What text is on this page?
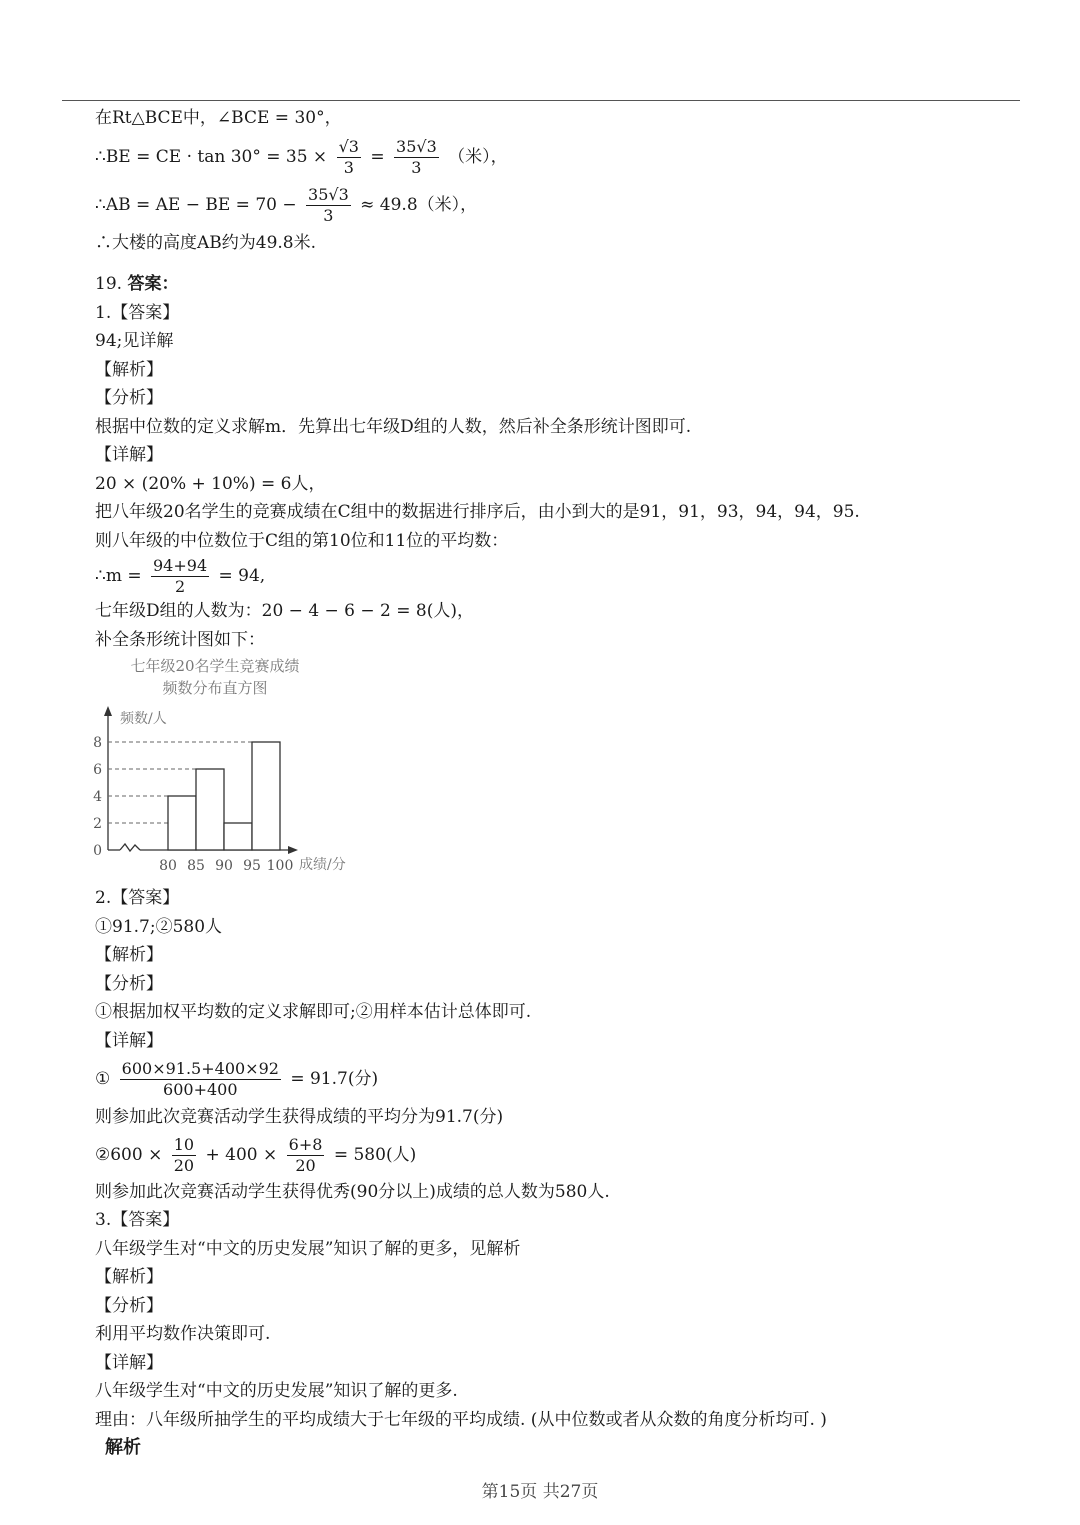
在Rt△BCE中，∠BCE = 30°，
∴BE = CE · $\tan 30^\circ = 35 \times \frac{√3}{3} = \frac{35√3}{3}$ （米），
∴AB = AE − BE = $70 - \frac{35√3}{3} \approx 49.8$（米），
∴大楼的高度AB约为49.8米.
19. 答案：
1.【答案】
94;见详解
【解析】
【分析】
根据中位数的定义求解m．先算出七年级D组的人数，然后补全条形统计图即可.
【详解】
20 × (20% + 10%) = 6人，
把八年级20名学生的竞赛成绩在C组中的数据进行排序后，由小到大的是91，91，93，94，94，95.
则八年级的中位数位于C组的第10位和11位的平均数：
∴m = $\frac{94+94}{2} = 94$,
七年级D组的人数为：20 − 4 − 6 − 2 = 8(人)，
补全条形统计图如下：
七年级20名学生竞赛成绩
频数分布直方图
频数/人
成绩/分
0
2
4
6
8
80 85 90 95 100
2.【答案】
①91.7;②580人
【解析】
【分析】
①根据加权平均数的定义求解即可;②用样本估计总体即可.
【详解】
① $\frac{600\times 91.5+400\times 92}{600+400} = 91.7$(分)
则参加此次竞赛活动学生获得成绩的平均分为91.7(分)
②600 × $\frac{10}{20} + 400 \times \frac{6+8}{20} = 580$(人)
则参加此次竞赛活动学生获得优秀(90分以上)成绩的总人数为580人.
3.【答案】
八年级学生对“中文的历史发展”知识了解的更多，见解析
【解析】
【分析】
利用平均数作决策即可.
【详解】
八年级学生对“中文的历史发展”知识了解的更多.
理由：八年级所抽学生的平均成绩大于七年级的平均成绩. (从中位数或者从众数的角度分析均可. )
解析
第15页 共27页
